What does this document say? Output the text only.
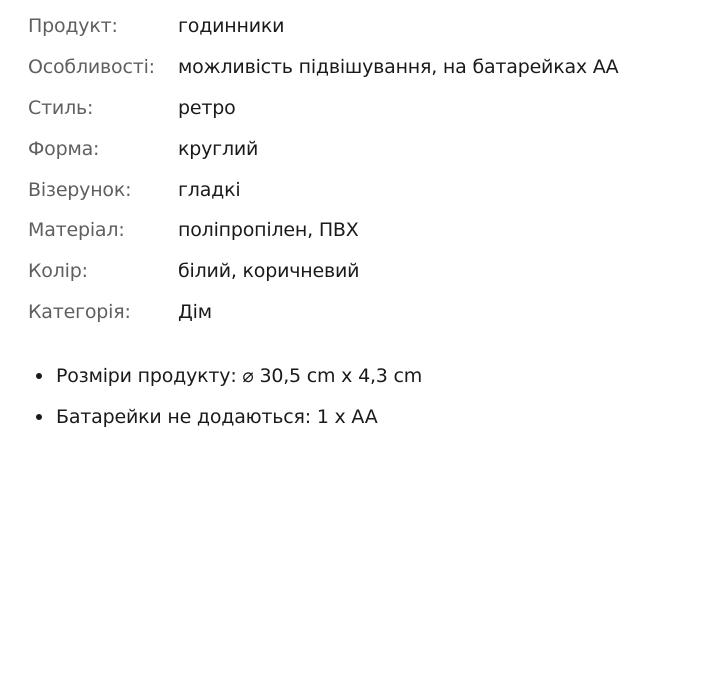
Продукт:	годинники
Особливості:	можливість підвішування, на батарейках АА
Стиль:	ретро
Форма:	круглий
Візерунок:	гладкі
Матеріал:	поліпропілен, ПВХ
Колір:	білий, коричневий
Категорія:	Дім
Розміри продукту: ⌀ 30,5 cm x 4,3 cm
Батарейки не додаються: 1 x AA
